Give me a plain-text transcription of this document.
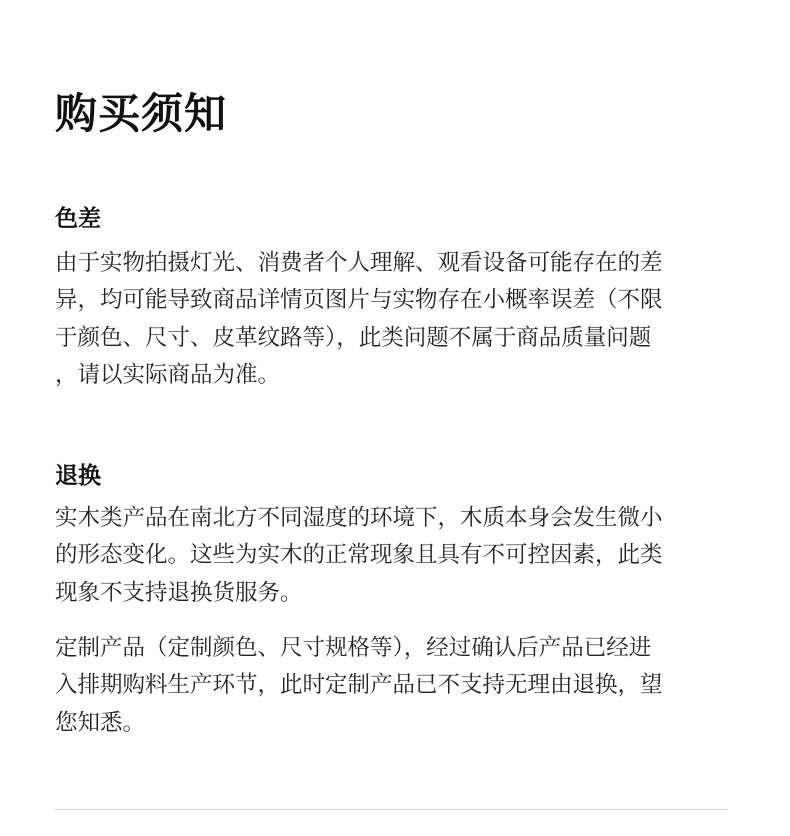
购买须知
色差

由于实物拍摄灯光、消费者个人理解、观看设备可能存在的差
异，均可能导致商品详情页图片与实物存在小概率误差（不限
于颜色、尺寸、皮革纹路等），此类问题不属于商品质量问题
，请以实际商品为准。

退换

实木类产品在南北方不同湿度的环境下，木质本身会发生微小
的形态变化。这些为实木的正常现象且具有不可控因素，此类
现象不支持退换货服务。

定制产品（定制颜色、尺寸规格等），经过确认后产品已经进
入排期购料生产环节，此时定制产品已不支持无理由退换，望
您知悉。
